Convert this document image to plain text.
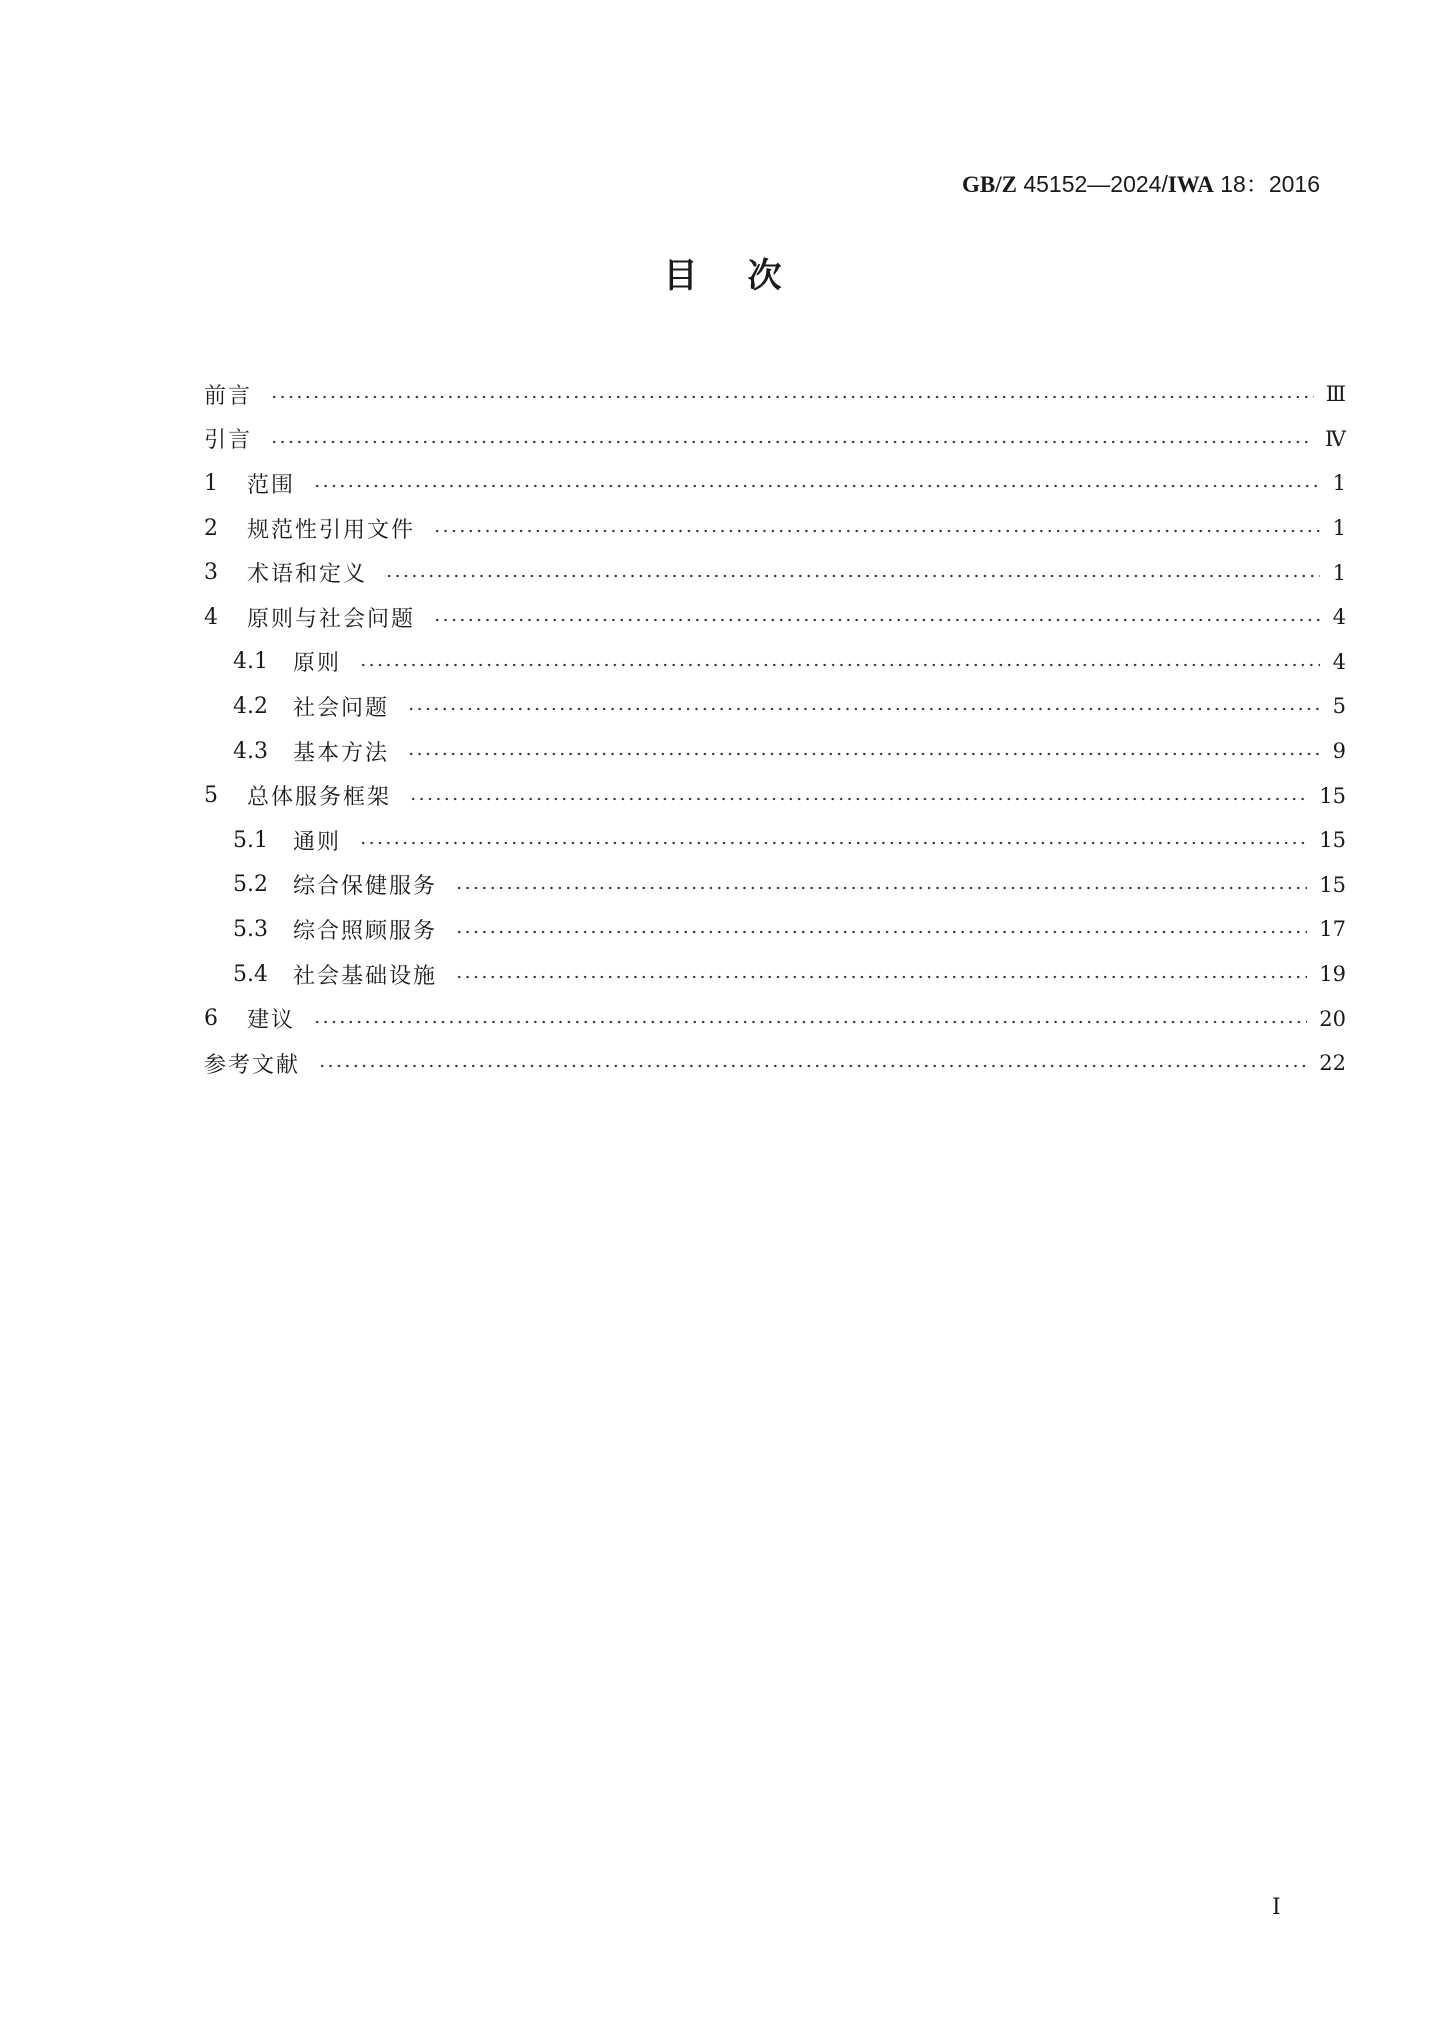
GB/Z 45152—2024/IWA 18：2016
目次
前言	Ⅲ
引言	Ⅳ
1	范围	1
2	规范性引用文件	1
3	术语和定义	1
4	原则与社会问题	4
4.1	原则	4
4.2	社会问题	5
4.3	基本方法	9
5	总体服务框架	15
5.1	通则	15
5.2	综合保健服务	15
5.3	综合照顾服务	17
5.4	社会基础设施	19
6	建议	20
参考文献	22
I
